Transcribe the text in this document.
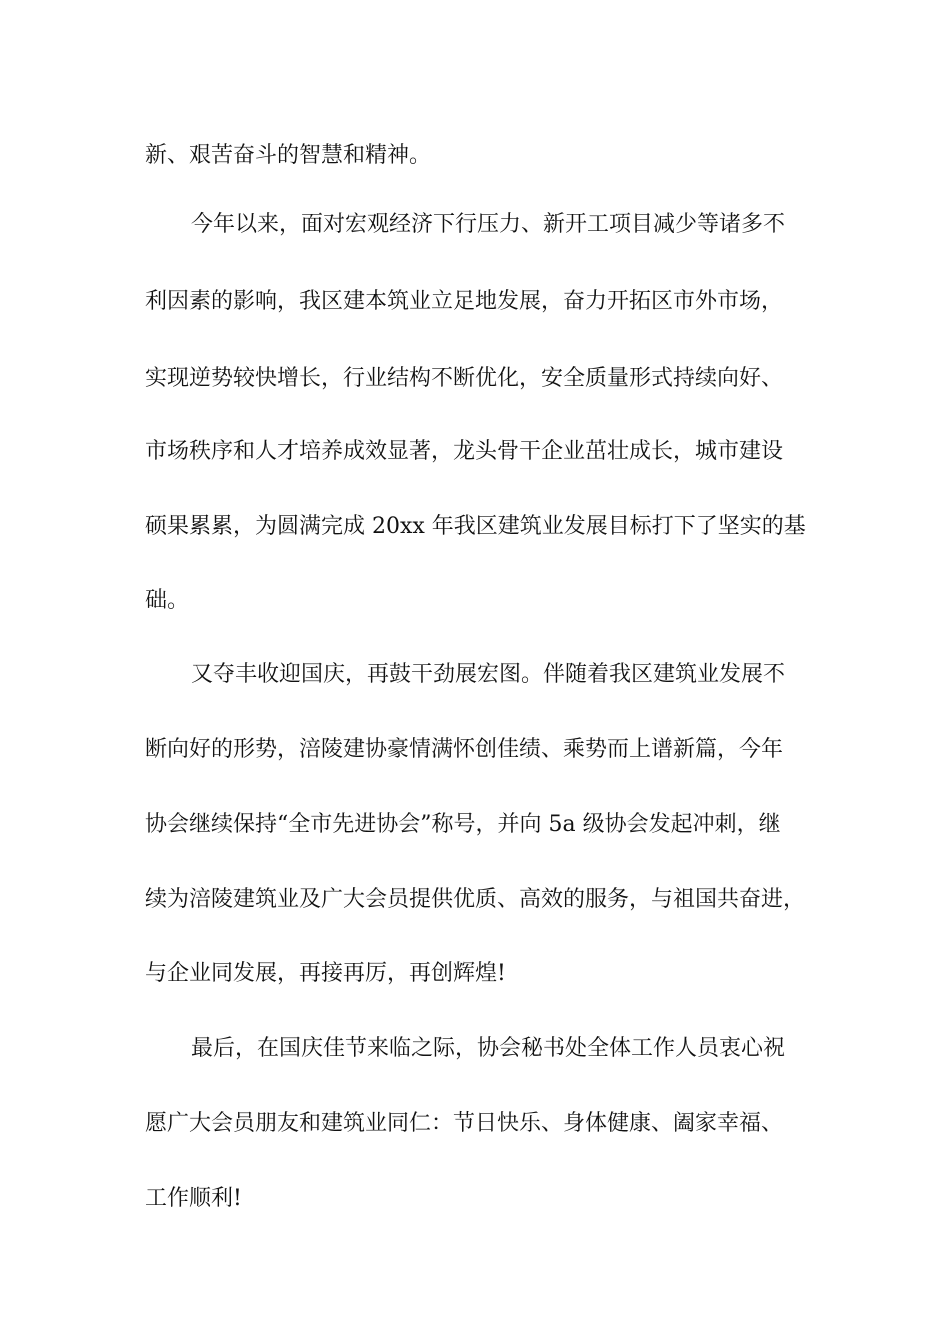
新、艰苦奋斗的智慧和精神。
今年以来，面对宏观经济下行压力、新开工项目减少等诸多不
利因素的影响，我区建本筑业立足地发展，奋力开拓区市外市场，
实现逆势较快增长，行业结构不断优化，安全质量形式持续向好、
市场秩序和人才培养成效显著，龙头骨干企业茁壮成长，城市建设
硕果累累，为圆满完成 20xx 年我区建筑业发展目标打下了坚实的基
础。
又夺丰收迎国庆，再鼓干劲展宏图。伴随着我区建筑业发展不
断向好的形势，涪陵建协豪情满怀创佳绩、乘势而上谱新篇，今年
协会继续保持“全市先进协会”称号，并向 5a 级协会发起冲刺，继
续为涪陵建筑业及广大会员提供优质、高效的服务，与祖国共奋进，
与企业同发展，再接再厉，再创辉煌!
最后，在国庆佳节来临之际，协会秘书处全体工作人员衷心祝
愿广大会员朋友和建筑业同仁：节日快乐、身体健康、阖家幸福、
工作顺利!
